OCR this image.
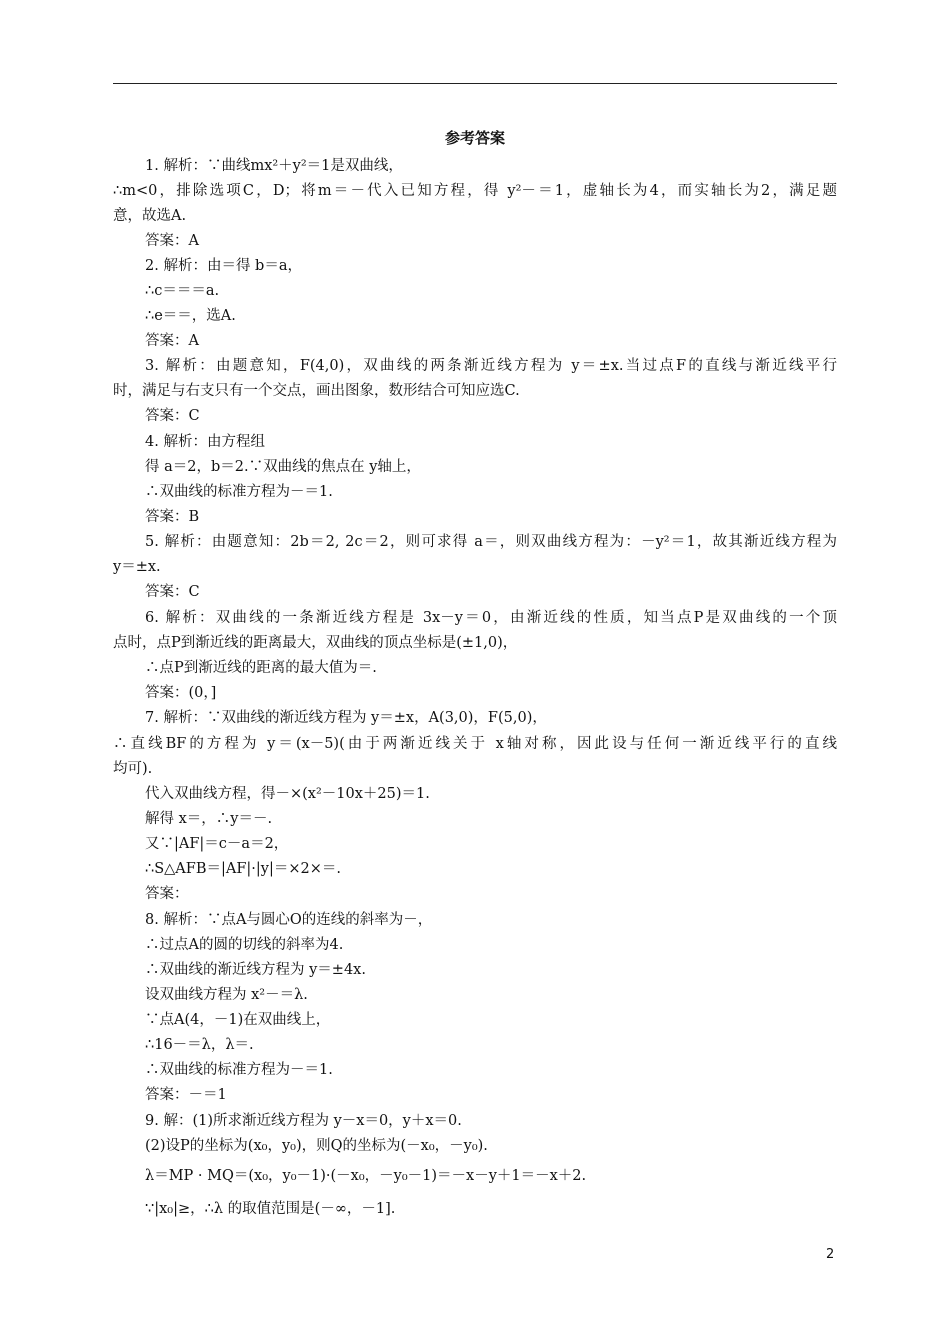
参考答案
1. 解析：∵曲线mx²＋y²＝1是双曲线，
∴m<0，排除选项C，D；将m＝－代入已知方程，得 y²－＝1，虚轴长为4，而实轴长为2，满足题
意，故选A.
答案：A
2. 解析：由＝得 b＝a，
∴c＝＝＝a.
∴e＝＝，选A.
答案：A
3. 解析：由题意知，F(4,0)，双曲线的两条渐近线方程为 y＝±x.当过点F的直线与渐近线平行
时，满足与右支只有一个交点，画出图象，数形结合可知应选C.
答案：C
4. 解析：由方程组
得 a＝2，b＝2.∵双曲线的焦点在 y轴上，
∴双曲线的标准方程为－＝1.
答案：B
5. 解析：由题意知：2b＝2, 2c＝2，则可求得 a＝，则双曲线方程为：－y²＝1，故其渐近线方程为
y＝±x.
答案：C
6. 解析：双曲线的一条渐近线方程是 3x－y＝0，由渐近线的性质，知当点P是双曲线的一个顶
点时，点P到渐近线的距离最大，双曲线的顶点坐标是(±1,0)，
∴点P到渐近线的距离的最大值为＝.
答案：(0，]
7. 解析：∵双曲线的渐近线方程为 y＝±x，A(3,0)，F(5,0)，
∴直线BF的方程为 y＝(x－5)(由于两渐近线关于 x轴对称，因此设与任何一渐近线平行的直线
均可).
代入双曲线方程，得－×(x²－10x＋25)＝1.
解得 x＝，∴y＝－.
又∵|AF|＝c－a＝2，
∴S△AFB＝|AF|·|y|＝×2×＝.
答案：
8. 解析：∵点A与圆心O的连线的斜率为－，
∴过点A的圆的切线的斜率为4.
∴双曲线的渐近线方程为 y＝±4x.
设双曲线方程为 x²－＝λ.
∵点A(4，－1)在双曲线上，
∴16－＝λ，λ＝.
∴双曲线的标准方程为－＝1.
答案：－＝1
9. 解：(1)所求渐近线方程为 y－x＝0，y＋x＝0.
(2)设P的坐标为(x₀，y₀)，则Q的坐标为(－x₀，－y₀).
λ＝MP · MQ＝(x₀，y₀－1)·(－x₀，－y₀－1)＝－x－y＋1＝－x＋2.
∵|x₀|≥，∴λ 的取值范围是(－∞，－1].
2
